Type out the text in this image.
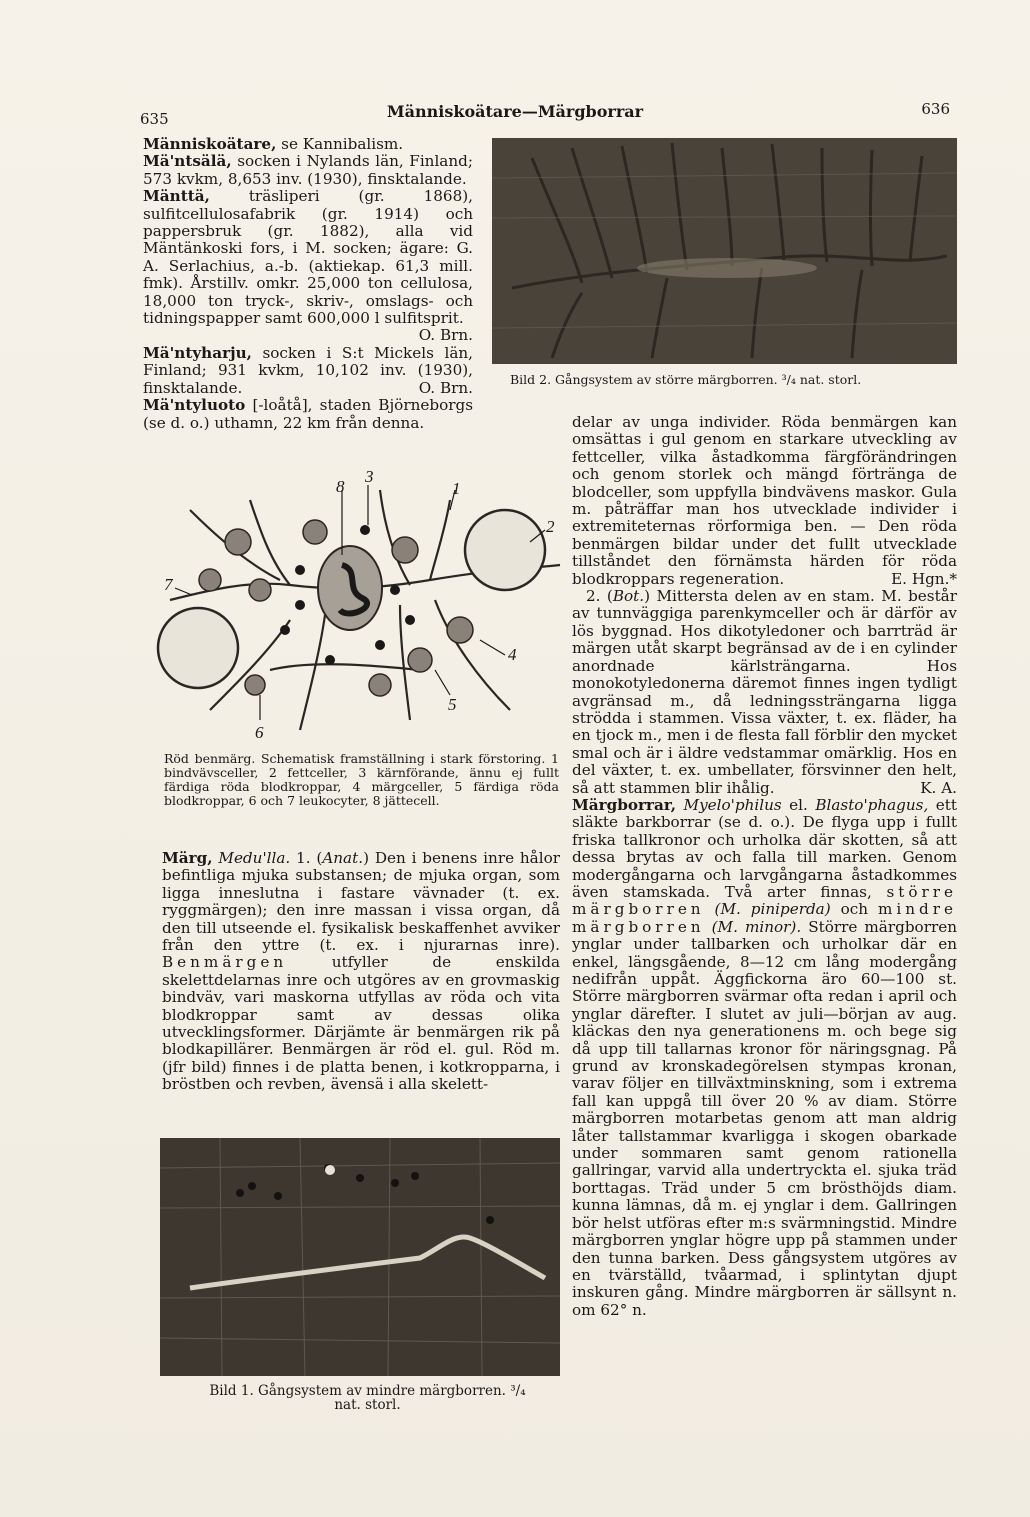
635	Människoätare—Märgborrar	636
Bild 2. Gångsystem av större märgborren. ³/₄ nat. storl.

Människoätare, se Kannibalism.

Mä'ntsälä, socken i Nylands län, Finland; 573 kvkm, 8,653 inv. (1930), finsktalande.

Mänttä, träsliperi (gr. 1868), sulfitcellulosafabrik (gr. 1914) och pappersbruk (gr. 1882), alla vid Mäntänkoski fors, i M. socken; ägare: G. A. Serlachius, a.-b. (aktiekap. 61,3 mill. fmk). Årstillv. omkr. 25,000 ton cellulosa, 18,000 ton tryck-, skriv-, omslags- och tidningspapper samt 600,000 l sulfitsprit.
O. Brn.

Mä'ntyharju, socken i S:t Mickels län, Finland; 931 kvkm, 10,102 inv. (1930), finsktalande.	O. Brn.

Mä'ntyluoto [-loåtå], staden Björneborgs (se d. o.) uthamn, 22 km från denna.

8
3
1
2
7
4
5
6
Röd benmärg. Schematisk framställning i stark förstoring. 1 bindvävsceller, 2 fettceller, 3 kärnförande, ännu ej fullt färdiga röda blodkroppar, 4 märgceller, 5 färdiga röda blodkroppar, 6 och 7 leukocyter, 8 jättecell.

Märg, Medu'lla. 1. (Anat.) Den i benens inre hålor befintliga mjuka substansen; de mjuka organ, som ligga inneslutna i fastare vävnader (t. ex. ryggmärgen); den inre massan i vissa organ, då den till utseende el. fysikalisk beskaffenhet avviker från den yttre (t. ex. i njurarnas inre). Benmärgen utfyller de enskilda skelettdelarnas inre och utgöres av en grovmaskig bindväv, vari maskorna utfyllas av röda och vita blodkroppar samt av dessas olika utvecklingsformer. Därjämte är benmärgen rik på blodkapillärer. Benmärgen är röd el. gul. Röd m. (jfr bild) finnes i de platta benen, i kotkropparna, i bröstben och revben, ävensä i alla skelett-

Bild 1. Gångsystem av mindre märgborren. ³/₄ nat. storl.

delar av unga individer. Röda benmärgen kan omsättas i gul genom en starkare utveckling av fettceller, vilka åstadkomma färgförändringen och genom storlek och mängd förtränga de blodceller, som uppfylla bindvävens maskor. Gula m. påträffar man hos utvecklade individer i extremiteternas rörformiga ben. — Den röda benmärgen bildar under det fullt utvecklade tillståndet den förnämsta härden för röda blodkroppars regeneration.	E. Hgn.*

2. (Bot.) Mittersta delen av en stam. M. består av tunnväggiga parenkymceller och är därför av lös byggnad. Hos dikotyledoner och barrträd är märgen utåt skarpt begränsad av de i en cylinder anordnade kärlsträngarna. Hos monokotyledonerna däremot finnes ingen tydligt avgränsad m., då ledningssträngarna ligga strödda i stammen. Vissa växter, t. ex. fläder, ha en tjock m., men i de flesta fall förblir den mycket smal och är i äldre vedstammar omärklig. Hos en del växter, t. ex. umbellater, försvinner den helt, så att stammen blir ihålig.	K. A.

Märgborrar, Myelo'philus el. Blasto'phagus, ett släkte barkborrar (se d. o.). De flyga upp i fullt friska tallkronor och urholka där skotten, så att dessa brytas av och falla till marken. Genom modergångarna och larvgångarna åstadkommes även stamskada. Två arter finnas, större märgborren (M. piniperda) och mindre märgborren (M. minor). Större märgborren ynglar under tallbarken och urholkar där en enkel, längsgående, 8—12 cm lång modergång nedifrån uppåt. Äggfickorna äro 60—100 st. Större märgborren svärmar ofta redan i april och ynglar därefter. I slutet av juli—början av aug. kläckas den nya generationens m. och bege sig då upp till tallarnas kronor för näringsgnag. På grund av kronskadegörelsen stympas kronan, varav följer en tillväxtminskning, som i extrema fall kan uppgå till över 20 % av diam. Större märgborren motarbetas genom att man aldrig låter tallstammar kvarligga i skogen obarkade under sommaren samt genom rationella gallringar, varvid alla undertryckta el. sjuka träd borttagas. Träd under 5 cm brösthöjds diam. kunna lämnas, då m. ej ynglar i dem. Gallringen bör helst utföras efter m:s svärmningstid. Mindre märgborren ynglar högre upp på stammen under den tunna barken. Dess gångsystem utgöres av en tvärställd, tvåarmad, i splintytan djupt inskuren gång. Mindre märgborren är sällsynt n. om 62° n.
